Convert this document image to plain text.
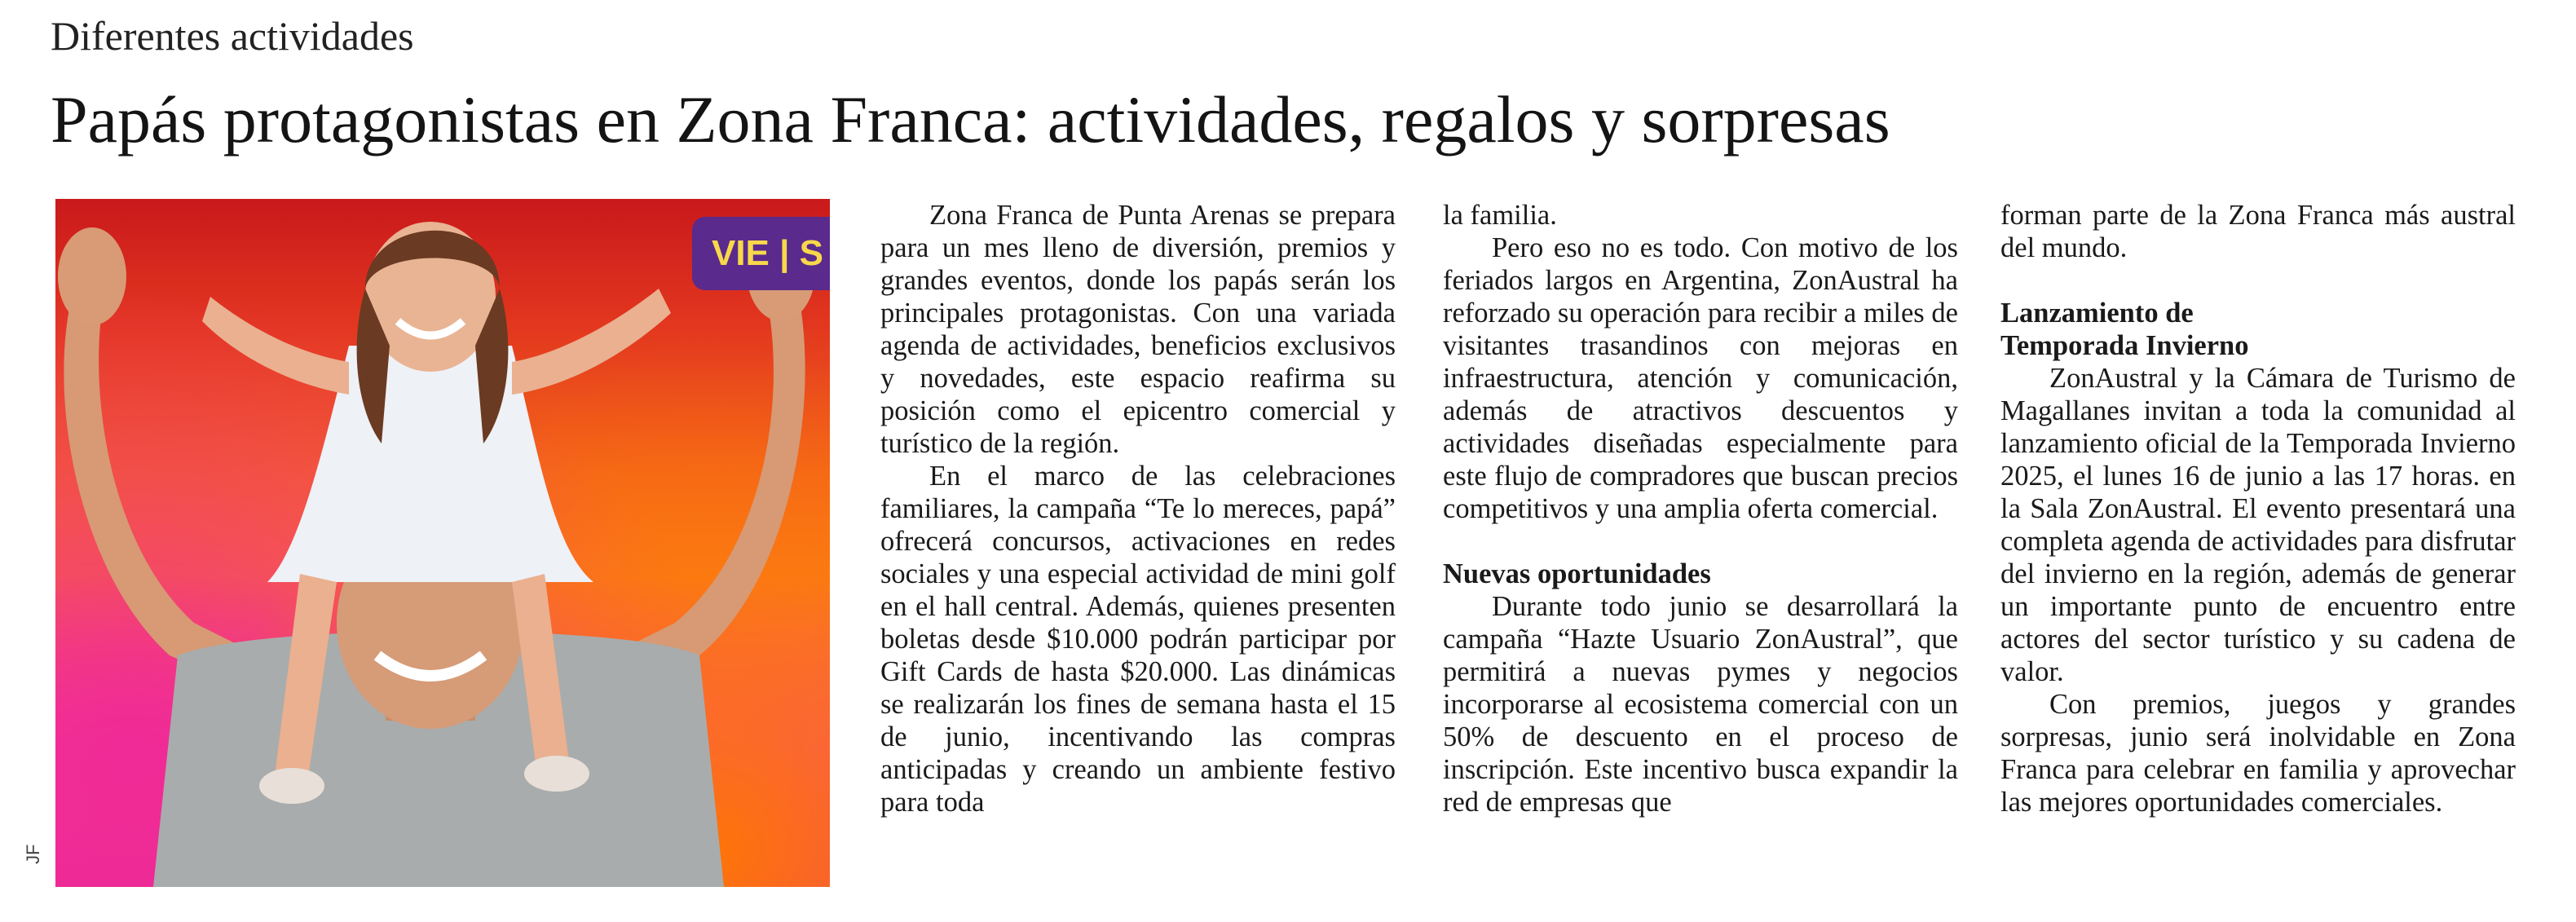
Diferentes actividades
Papás protagonistas en Zona Franca: actividades, regalos y sorpresas
VIE | S
JF

Zona Franca de Punta Arenas se prepara para un mes lleno de diversión, premios y grandes eventos, donde los papás serán los principales protagonistas. Con una variada agenda de actividades, beneficios exclusivos y novedades, este espacio reafirma su posición como el epicentro comercial y turístico de la región.

En el marco de las celebraciones familiares, la campaña “Te lo mereces, papá” ofrecerá concursos, activaciones en redes sociales y una especial actividad de mini golf en el hall central. Además, quienes presenten boletas desde $10.000 podrán participar por Gift Cards de hasta $20.000. Las dinámicas se realizarán los fines de semana hasta el 15 de junio, incentivando las compras anticipadas y creando un ambiente festivo para toda

la familia.

Pero eso no es todo. Con motivo de los feriados largos en Argentina, ZonAustral ha reforzado su operación para recibir a miles de visitantes trasandinos con mejoras en infraestructura, atención y comunicación, además de atractivos descuentos y actividades diseñadas especialmente para este flujo de compradores que buscan precios competitivos y una amplia oferta comercial.

Nuevas oportunidades

Durante todo junio se desarrollará la campaña “Hazte Usuario ZonAustral”, que permitirá a nuevas pymes y negocios incorporarse al ecosistema comercial con un 50% de descuento en el proceso de inscripción. Este incentivo busca expandir la red de empresas que

forman parte de la Zona Franca más austral del mundo.

Lanzamiento de
Temporada Invierno

ZonAustral y la Cámara de Turismo de Magallanes invitan a toda la comunidad al lanzamiento oficial de la Temporada Invierno 2025, el lunes 16 de junio a las 17 horas. en la Sala ZonAustral. El evento presentará una completa agenda de actividades para disfrutar del invierno en la región, además de generar un importante punto de encuentro entre actores del sector turístico y su cadena de valor.

Con premios, juegos y grandes sorpresas, junio será inolvidable en Zona Franca para celebrar en familia y aprovechar las mejores oportunidades comerciales.
